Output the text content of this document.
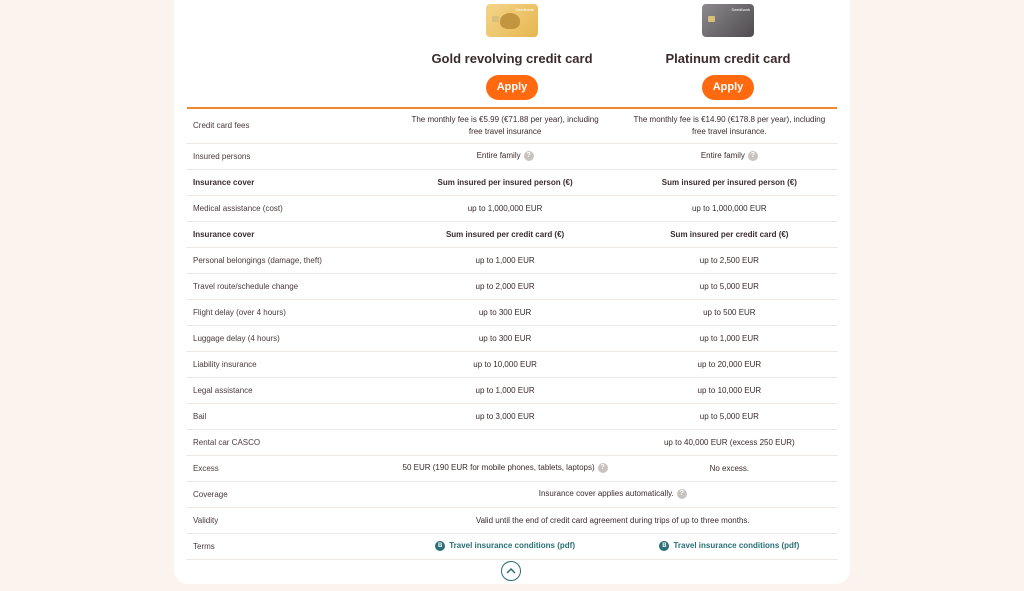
Swedbank
Gold revolving credit card
Apply
Swedbank
Platinum credit card
Apply
Credit card fees	The monthly fee is €5.99 (€71.88 per year), including free travel insurance	The monthly fee is €14.90 (€178.8 per year), including free travel insurance.
Insured persons	Entire family ?	Entire family ?
Insurance cover	Sum insured per insured person (€)	Sum insured per insured person (€)
Medical assistance (cost)	up to 1,000,000 EUR	up to 1,000,000 EUR
Insurance cover	Sum insured per credit card (€)	Sum insured per credit card (€)
Personal belongings (damage, theft)	up to 1,000 EUR	up to 2,500 EUR
Travel route/schedule change	up to 2,000 EUR	up to 5,000 EUR
Flight delay (over 4 hours)	up to 300 EUR	up to 500 EUR
Luggage delay (4 hours)	up to 300 EUR	up to 1,000 EUR
Liability insurance	up to 10,000 EUR	up to 20,000 EUR
Legal assistance	up to 1,000 EUR	up to 10,000 EUR
Bail	up to 3,000 EUR	up to 5,000 EUR
Rental car CASCO		up to 40,000 EUR (excess 250 EUR)
Excess	50 EUR (190 EUR for mobile phones, tablets, laptops) ?	No excess.
Coverage	Insurance cover applies automatically. ?	
Validity	Valid until the end of credit card agreement during trips of up to three months.	
Terms	B Travel insurance conditions (pdf)	B Travel insurance conditions (pdf)
